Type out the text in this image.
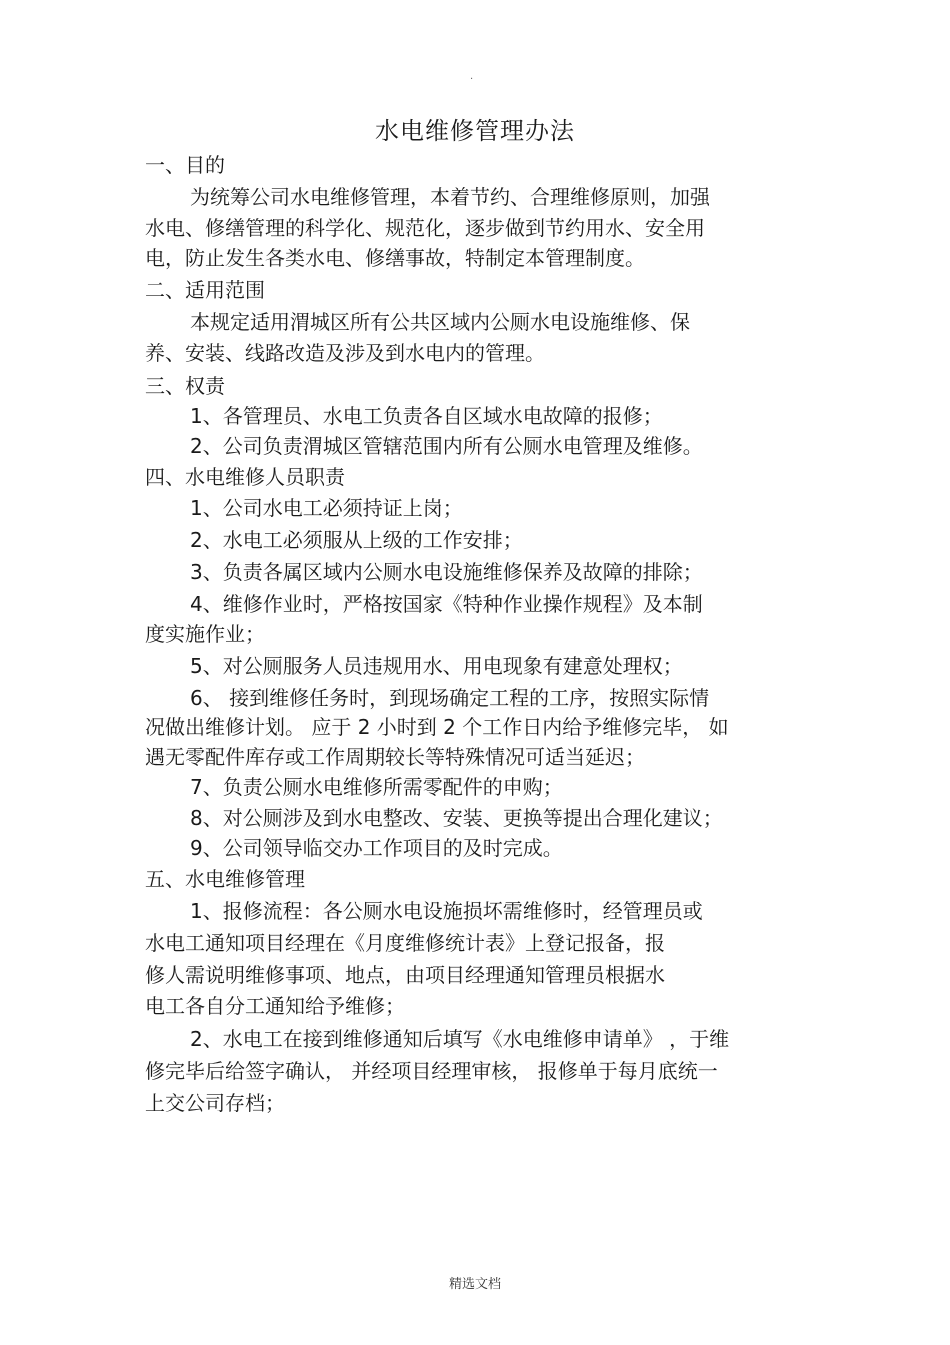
.
水电维修管理办法
一、目的
为统筹公司水电维修管理，本着节约、合理维修原则，加强
水电、修缮管理的科学化、规范化，逐步做到节约用水、安全用
电，防止发生各类水电、修缮事故，特制定本管理制度。
二、适用范围
本规定适用渭城区所有公共区域内公厕水电设施维修、保
养、安装、线路改造及涉及到水电内的管理。
三、权责
1、各管理员、水电工负责各自区域水电故障的报修；
2、公司负责渭城区管辖范围内所有公厕水电管理及维修。
四、水电维修人员职责
1、公司水电工必须持证上岗；
2、水电工必须服从上级的工作安排；
3、负责各属区域内公厕水电设施维修保养及故障的排除；
4、维修作业时，严格按国家《特种作业操作规程》及本制
度实施作业；
5、对公厕服务人员违规用水、用电现象有建意处理权；
6、 接到维修任务时，到现场确定工程的工序，按照实际情
况做出维修计划。 应于 2 小时到 2 个工作日内给予维修完毕， 如
遇无零配件库存或工作周期较长等特殊情况可适当延迟；
7、负责公厕水电维修所需零配件的申购；
8、对公厕涉及到水电整改、安装、更换等提出合理化建议；
9、公司领导临交办工作项目的及时完成。
五、水电维修管理
1、报修流程：各公厕水电设施损坏需维修时，经管理员或
水电工通知项目经理在《月度维修统计表》上登记报备，报
修人需说明维修事项、地点，由项目经理通知管理员根据水
电工各自分工通知给予维修；
2、水电工在接到维修通知后填写《水电维修申请单》 ，于维
修完毕后给签字确认， 并经项目经理审核， 报修单于每月底统一
上交公司存档；
精选文档
